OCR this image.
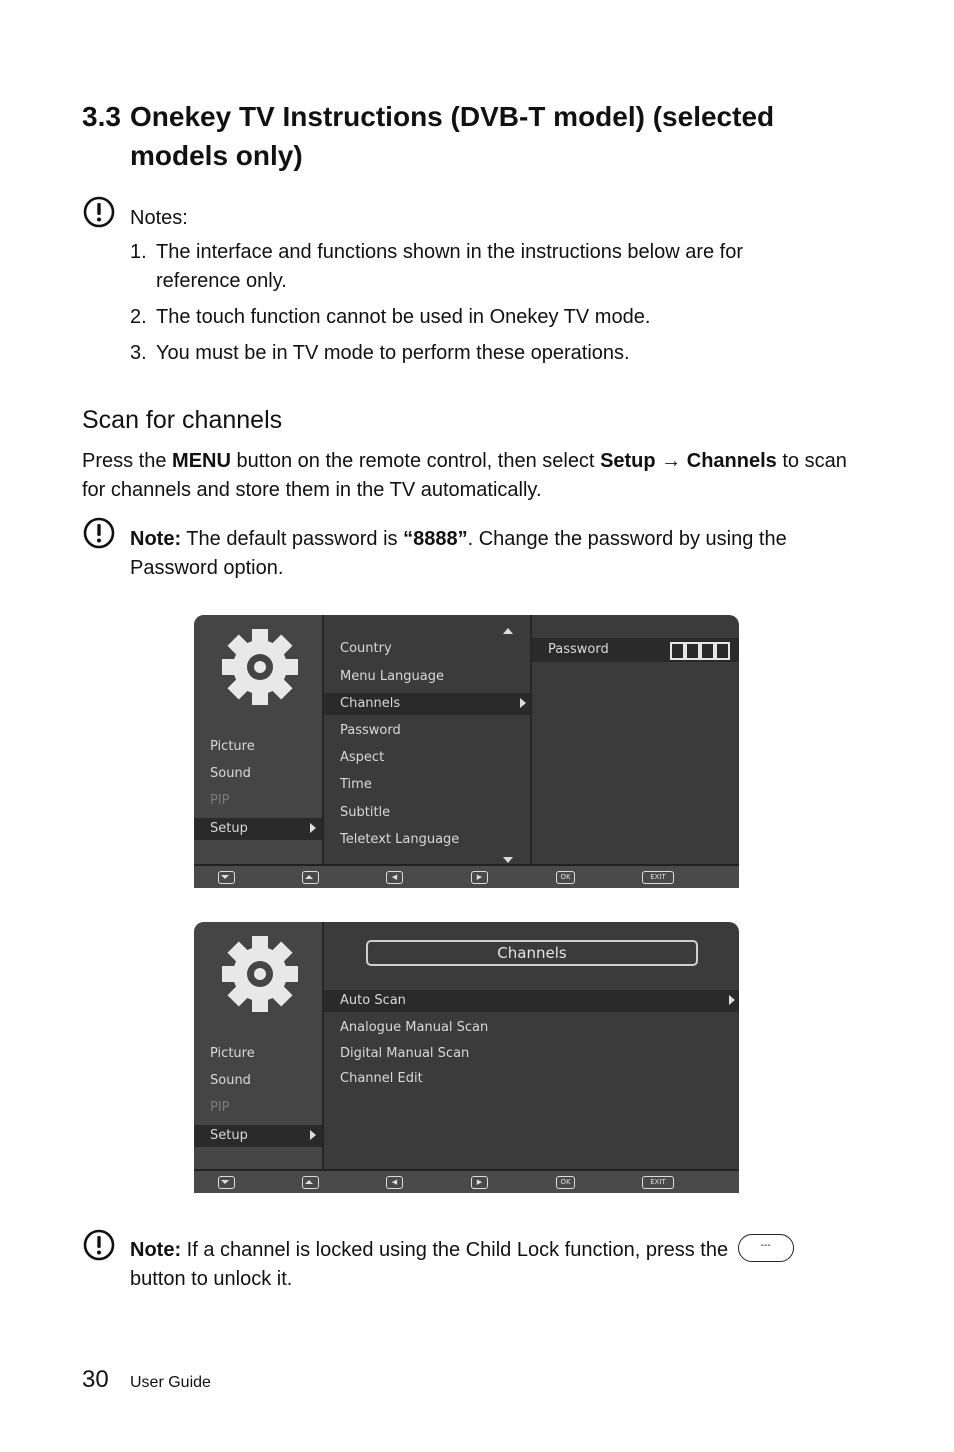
3.3 Onekey TV Instructions (DVB-T model) (selected models only)
Notes:
1. The interface and functions shown in the instructions below are for reference only.
2. The touch function cannot be used in Onekey TV mode.
3. You must be in TV mode to perform these operations.
Scan for channels
Press the MENU button on the remote control, then select Setup → Channels to scan for channels and store them in the TV automatically.
Note: The default password is “8888”. Change the password by using the Password option.
Picture
Sound
PIP
Setup
Country
Menu Language
Channels
Password
Aspect
Time
Subtitle
Teletext Language
Password
◀	▶	OK	EXIT
Picture
Sound
PIP
Setup
Channels
Auto Scan
Analogue Manual Scan
Digital Manual Scan
Channel Edit
◀	▶	OK	EXIT
Note: If a channel is locked using the Child Lock function, press the	---
button to unlock it.
30 User Guide
